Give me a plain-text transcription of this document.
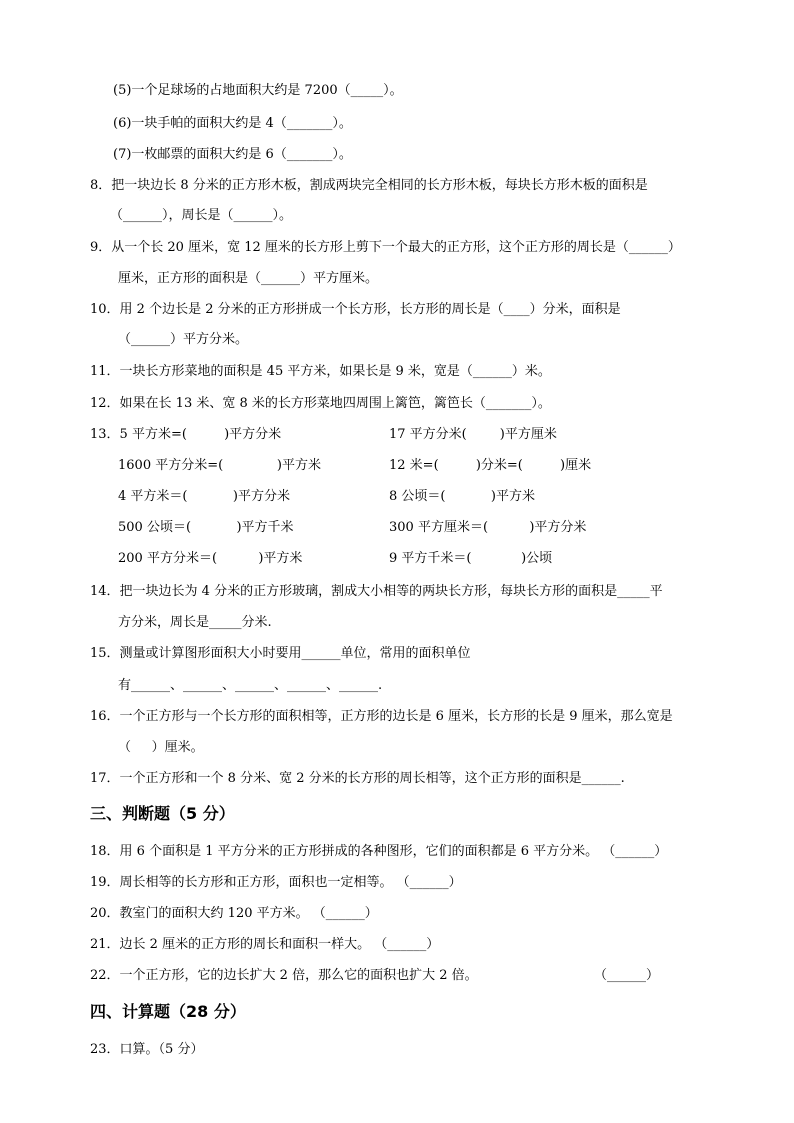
(5)一个足球场的占地面积大约是 7200（_____）。
(6)一块手帕的面积大约是 4（_______）。
(7)一枚邮票的面积大约是 6（_______）。
8．把一块边长 8 分米的正方形木板，割成两块完全相同的长方形木板，每块长方形木板的面积是
（______），周长是（______）。
9．从一个长 20 厘米，宽 12 厘米的长方形上剪下一个最大的正方形，这个正方形的周长是（______）
厘米，正方形的面积是（______）平方厘米。
10．用 2 个边长是 2 分米的正方形拼成一个长方形，长方形的周长是（____）分米，面积是
（______）平方分米。
11．一块长方形菜地的面积是 45 平方米，如果长是 9 米，宽是（______）米。
12．如果在长 13 米、宽 8 米的长方形菜地四周围上篱笆，篱笆长（_______）。
13．5 平方米=(         )平方分米	17 平方分米(        )平方厘米
1600 平方分米=(             )平方米	12 米=(         )分米=(         )厘米
4 平方米＝(           )平方分米	8 公顷＝(           )平方米
500 公顷＝(           )平方千米	300 平方厘米＝(          )平方分米
200 平方分米＝(          )平方米	9 平方千米＝(            )公顷
14．把一块边长为 4 分米的正方形玻璃，割成大小相等的两块长方形，每块长方形的面积是_____平
方分米，周长是_____分米.
15．测量或计算图形面积大小时要用______单位，常用的面积单位
有______、______、______、______、______.
16．一个正方形与一个长方形的面积相等，正方形的边长是 6 厘米，长方形的长是 9 厘米，那么宽是
（     ）厘米。
17．一个正方形和一个 8 分米、宽 2 分米的长方形的周长相等，这个正方形的面积是______.
三、判断题（5 分）
18．用 6 个面积是 1 平方分米的正方形拼成的各种图形，它们的面积都是 6 平方分米。 （______）
19．周长相等的长方形和正方形，面积也一定相等。 （______）
20．教室门的面积大约 120 平方米。 （______）
21．边长 2 厘米的正方形的周长和面积一样大。 （______）
22．一个正方形，它的边长扩大 2 倍，那么它的面积也扩大 2 倍。	（______）
四、计算题（28 分）
23．口算。（5 分）
